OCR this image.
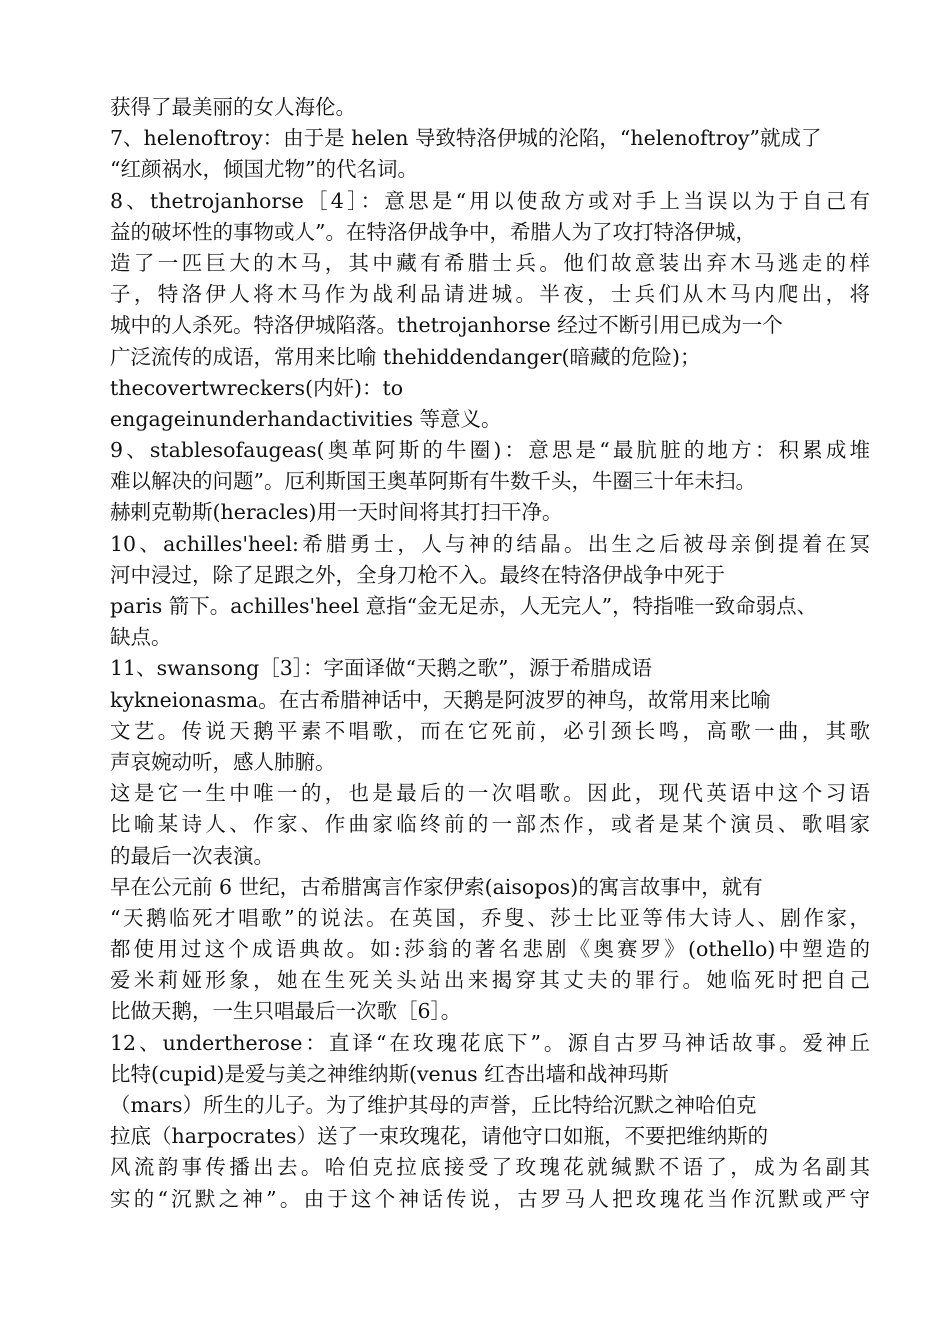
获得了最美丽的女人海伦。
7、helenoftroy：由于是 helen 导致特洛伊城的沦陷，“helenoftroy”就成了
“红颜祸水，倾国尤物”的代名词。
8、thetrojanhorse［4］：意思是“用以使敌方或对手上当误以为于自己有
益的破坏性的事物或人”。在特洛伊战争中，希腊人为了攻打特洛伊城，
造了一匹巨大的木马，其中藏有希腊士兵。他们故意装出弃木马逃走的样
子，特洛伊人将木马作为战利品请进城。半夜，士兵们从木马内爬出，将
城中的人杀死。特洛伊城陷落。thetrojanhorse 经过不断引用已成为一个
广泛流传的成语，常用来比喻 thehiddendanger(暗藏的危险)；
thecovertwreckers(内奸)：to
engageinunderhandactivities 等意义。
9、stablesofaugeas(奥革阿斯的牛圈)：意思是“最肮脏的地方：积累成堆
难以解决的问题”。厄利斯国王奥革阿斯有牛数千头，牛圈三十年未扫。
赫剌克勒斯(heracles)用一天时间将其打扫干净。
10、achilles'heel:希腊勇士，人与神的结晶。出生之后被母亲倒提着在冥
河中浸过，除了足跟之外，全身刀枪不入。最终在特洛伊战争中死于
paris 箭下。achilles'heel 意指“金无足赤，人无完人”，特指唯一致命弱点、
缺点。
11、swansong［3］：字面译做“天鹅之歌”，源于希腊成语
kykneionasma。在古希腊神话中，天鹅是阿波罗的神鸟，故常用来比喻
文艺。传说天鹅平素不唱歌，而在它死前，必引颈长鸣，高歌一曲，其歌
声哀婉动听，感人肺腑。
这是它一生中唯一的，也是最后的一次唱歌。因此，现代英语中这个习语
比喻某诗人、作家、作曲家临终前的一部杰作，或者是某个演员、歌唱家
的最后一次表演。
早在公元前 6 世纪，古希腊寓言作家伊索(aisopos)的寓言故事中，就有
“天鹅临死才唱歌”的说法。在英国，乔叟、莎士比亚等伟大诗人、剧作家，
都使用过这个成语典故。如:莎翁的著名悲剧《奥赛罗》(othello)中塑造的
爱米莉娅形象，她在生死关头站出来揭穿其丈夫的罪行。她临死时把自己
比做天鹅，一生只唱最后一次歌［6］。
12、undertherose：直译“在玫瑰花底下”。源自古罗马神话故事。爱神丘
比特(cupid)是爱与美之神维纳斯(venus 红杏出墙和战神玛斯
（mars）所生的儿子。为了维护其母的声誉，丘比特给沉默之神哈伯克
拉底（harpocrates）送了一束玫瑰花，请他守口如瓶，不要把维纳斯的
风流韵事传播出去。哈伯克拉底接受了玫瑰花就缄默不语了，成为名副其
实的“沉默之神”。由于这个神话传说，古罗马人把玫瑰花当作沉默或严守
